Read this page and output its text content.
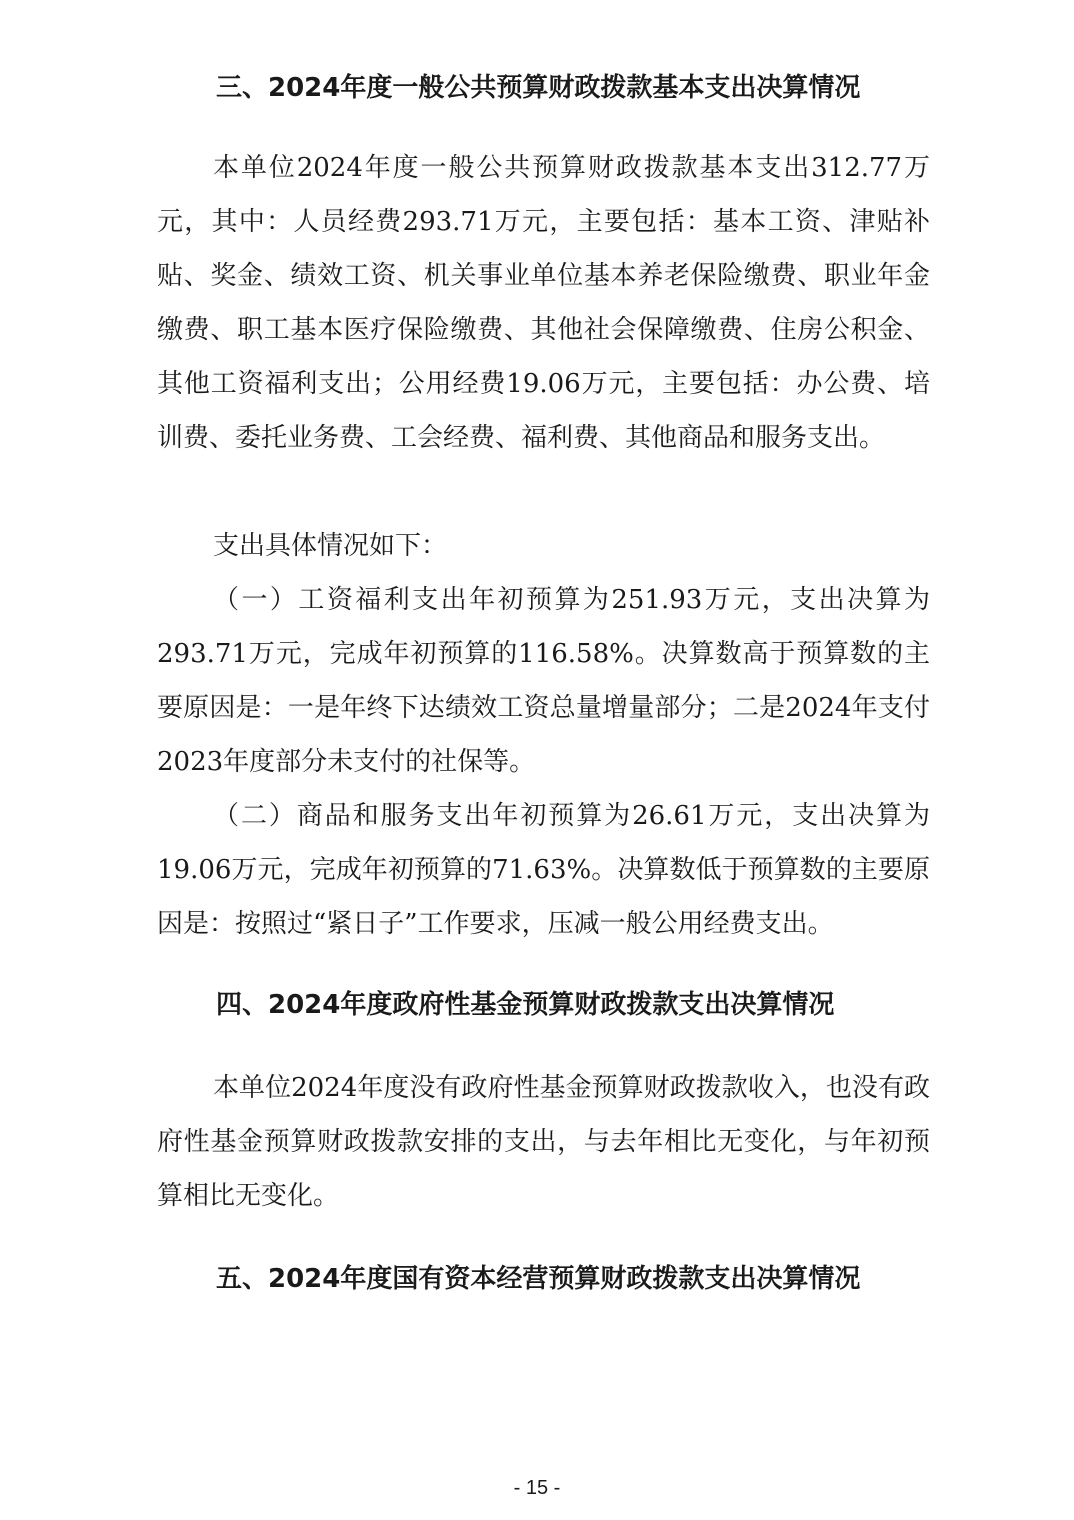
三、2024年度一般公共预算财政拨款基本支出决算情况

本单位2024年度一般公共预算财政拨款基本支出312.77万元，其中：人员经费293.71万元，主要包括：基本工资、津贴补贴、奖金、绩效工资、机关事业单位基本养老保险缴费、职业年金缴费、职工基本医疗保险缴费、其他社会保障缴费、住房公积金、其他工资福利支出；公用经费19.06万元，主要包括：办公费、培训费、委托业务费、工会经费、福利费、其他商品和服务支出。

支出具体情况如下：

（一）工资福利支出年初预算为251.93万元，支出决算为293.71万元，完成年初预算的116.58%。决算数高于预算数的主要原因是：一是年终下达绩效工资总量增量部分；二是2024年支付2023年度部分未支付的社保等。

（二）商品和服务支出年初预算为26.61万元，支出决算为19.06万元，完成年初预算的71.63%。决算数低于预算数的主要原因是：按照过“紧日子”工作要求，压减一般公用经费支出。

四、2024年度政府性基金预算财政拨款支出决算情况

本单位2024年度没有政府性基金预算财政拨款收入，也没有政府性基金预算财政拨款安排的支出，与去年相比无变化，与年初预算相比无变化。

五、2024年度国有资本经营预算财政拨款支出决算情况
- 15 -
